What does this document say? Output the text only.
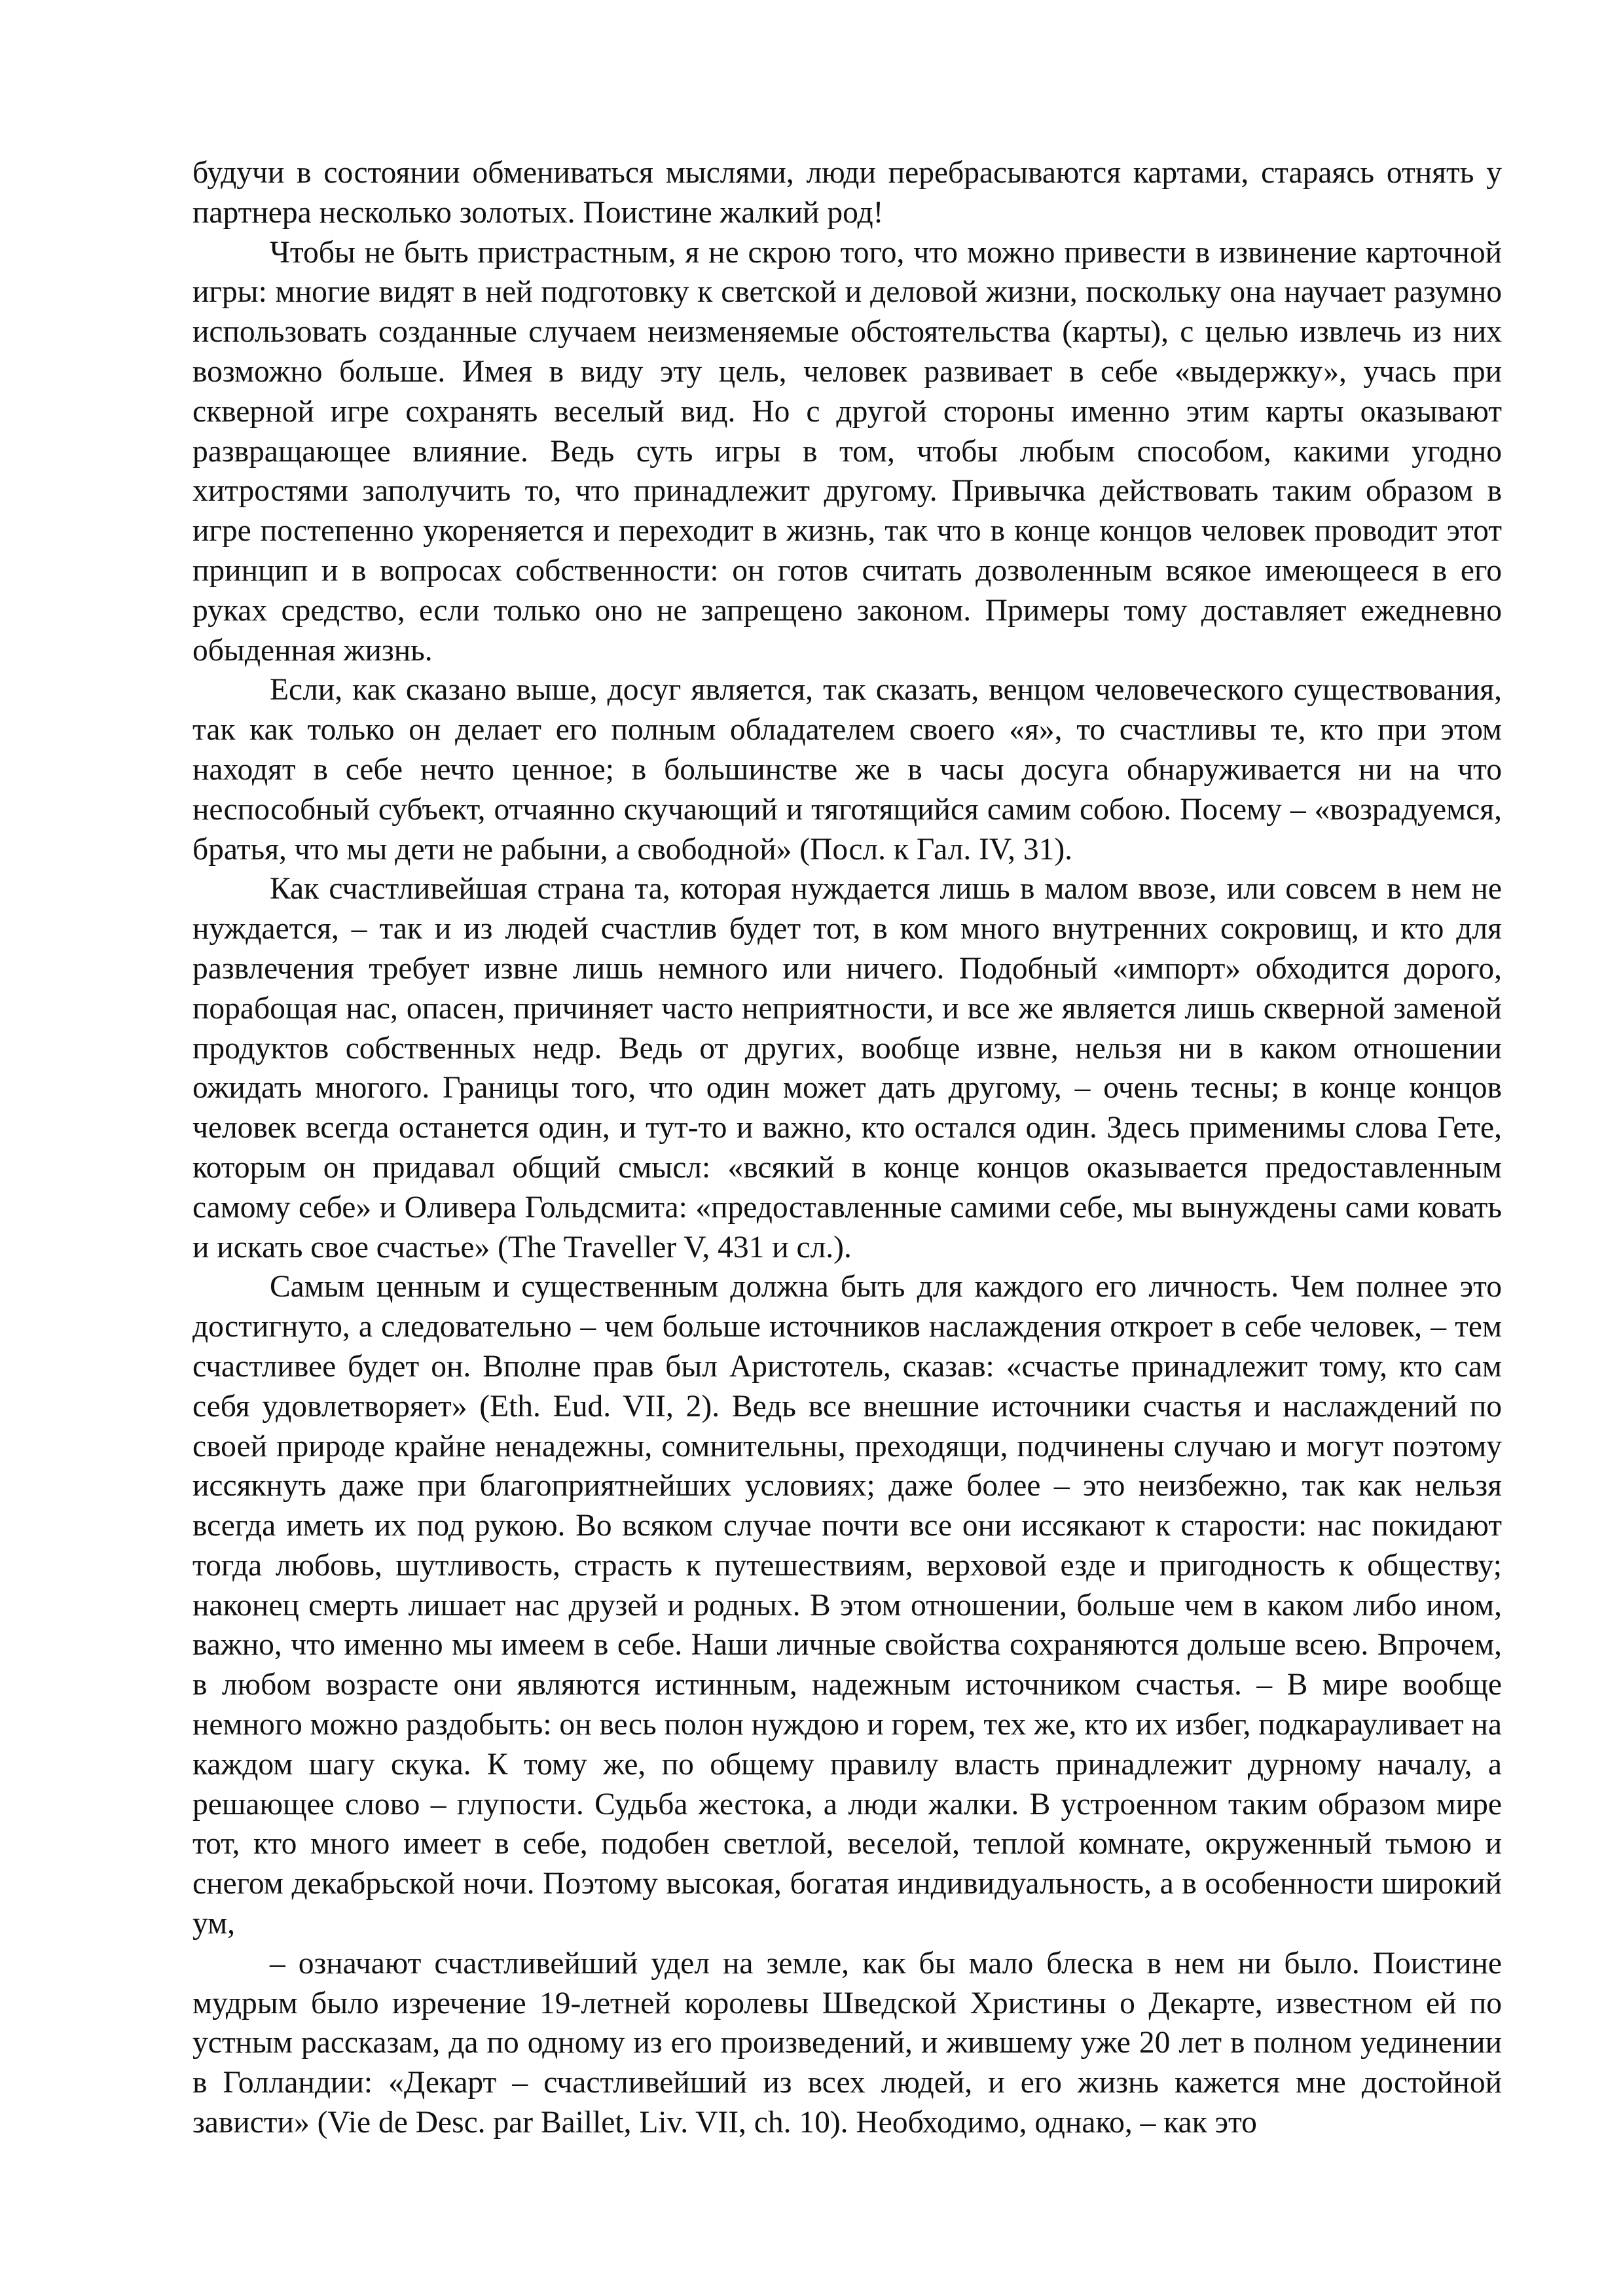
будучи в состоянии обмениваться мыслями, люди перебрасываются картами, стараясь отнять у партнера несколько золотых. Поистине жалкий род!

Чтобы не быть пристрастным, я не скрою того, что можно привести в извинение карточной игры: многие видят в ней подготовку к светской и деловой жизни, поскольку она научает разумно использовать созданные случаем неизменяемые обстоятельства (карты), с целью извлечь из них возможно больше. Имея в виду эту цель, человек развивает в себе «выдержку», учась при скверной игре сохранять веселый вид. Но с другой стороны именно этим карты оказывают развращающее влияние. Ведь суть игры в том, чтобы любым способом, какими угодно хитростями заполучить то, что принадлежит другому. Привычка действовать таким образом в игре постепенно укореняется и переходит в жизнь, так что в конце концов человек проводит этот принцип и в вопросах собственности: он готов считать дозволенным всякое имеющееся в его руках средство, если только оно не запрещено законом. Примеры тому доставляет ежедневно обыденная жизнь.

Если, как сказано выше, досуг является, так сказать, венцом человеческого существования, так как только он делает его полным обладателем своего «я», то счастливы те, кто при этом находят в себе нечто ценное; в большинстве же в часы досуга обнаруживается ни на что неспособный субъект, отчаянно скучающий и тяготящийся самим собою. Посему – «возрадуемся, братья, что мы дети не рабыни, а свободной» (Посл. к Гал. IV, 31).

Как счастливейшая страна та, которая нуждается лишь в малом ввозе, или совсем в нем не нуждается, – так и из людей счастлив будет тот, в ком много внутренних сокровищ, и кто для развлечения требует извне лишь немного или ничего. Подобный «импорт» обходится дорого, порабощая нас, опасен, причиняет часто неприятности, и все же является лишь скверной заменой продуктов собственных недр. Ведь от других, вообще извне, нельзя ни в каком отношении ожидать многого. Границы того, что один может дать другому, – очень тесны; в конце концов человек всегда останется один, и тут-то и важно, кто остался один. Здесь применимы слова Гете, которым он придавал общий смысл: «всякий в конце концов оказывается предоставленным самому себе» и Оливера Гольдсмита: «предоставленные самими себе, мы вынуждены сами ковать и искать свое счастье» (The Traveller V, 431 и сл.).

Самым ценным и существенным должна быть для каждого его личность. Чем полнее это достигнуто, а следовательно – чем больше источников наслаждения откроет в себе человек, – тем счастливее будет он. Вполне прав был Аристотель, сказав: «счастье принадлежит тому, кто сам себя удовлетворяет» (Eth. Eud. VII, 2). Ведь все внешние источники счастья и наслаждений по своей природе крайне ненадежны, сомнительны, преходящи, подчинены случаю и могут поэтому иссякнуть даже при благоприятнейших условиях; даже более – это неизбежно, так как нельзя всегда иметь их под рукою. Во всяком случае почти все они иссякают к старости: нас покидают тогда любовь, шутливость, страсть к путешествиям, верховой езде и пригодность к обществу; наконец смерть лишает нас друзей и родных. В этом отношении, больше чем в каком либо ином, важно, что именно мы имеем в себе. Наши личные свойства сохраняются дольше всею. Впрочем, в любом возрасте они являются истинным, надежным источником счастья. – В мире вообще немного можно раздобыть: он весь полон нуждою и горем, тех же, кто их избег, подкарауливает на каждом шагу скука. К тому же, по общему правилу власть принадлежит дурному началу, а решающее слово – глупости. Судьба жестока, а люди жалки. В устроенном таким образом мире тот, кто много имеет в себе, подобен светлой, веселой, теплой комнате, окруженный тьмою и снегом декабрьской ночи. Поэтому высокая, богатая индивидуальность, а в особенности широкий ум,

– означают счастливейший удел на земле, как бы мало блеска в нем ни было. Поистине мудрым было изречение 19-летней королевы Шведской Христины о Декарте, известном ей по устным рассказам, да по одному из его произведений, и жившему уже 20 лет в полном уединении в Голландии: «Декарт – счастливейший из всех людей, и его жизнь кажется мне достойной зависти» (Vie de Desc. par Baillet, Liv. VII, ch. 10). Необходимо, однако, – как это
